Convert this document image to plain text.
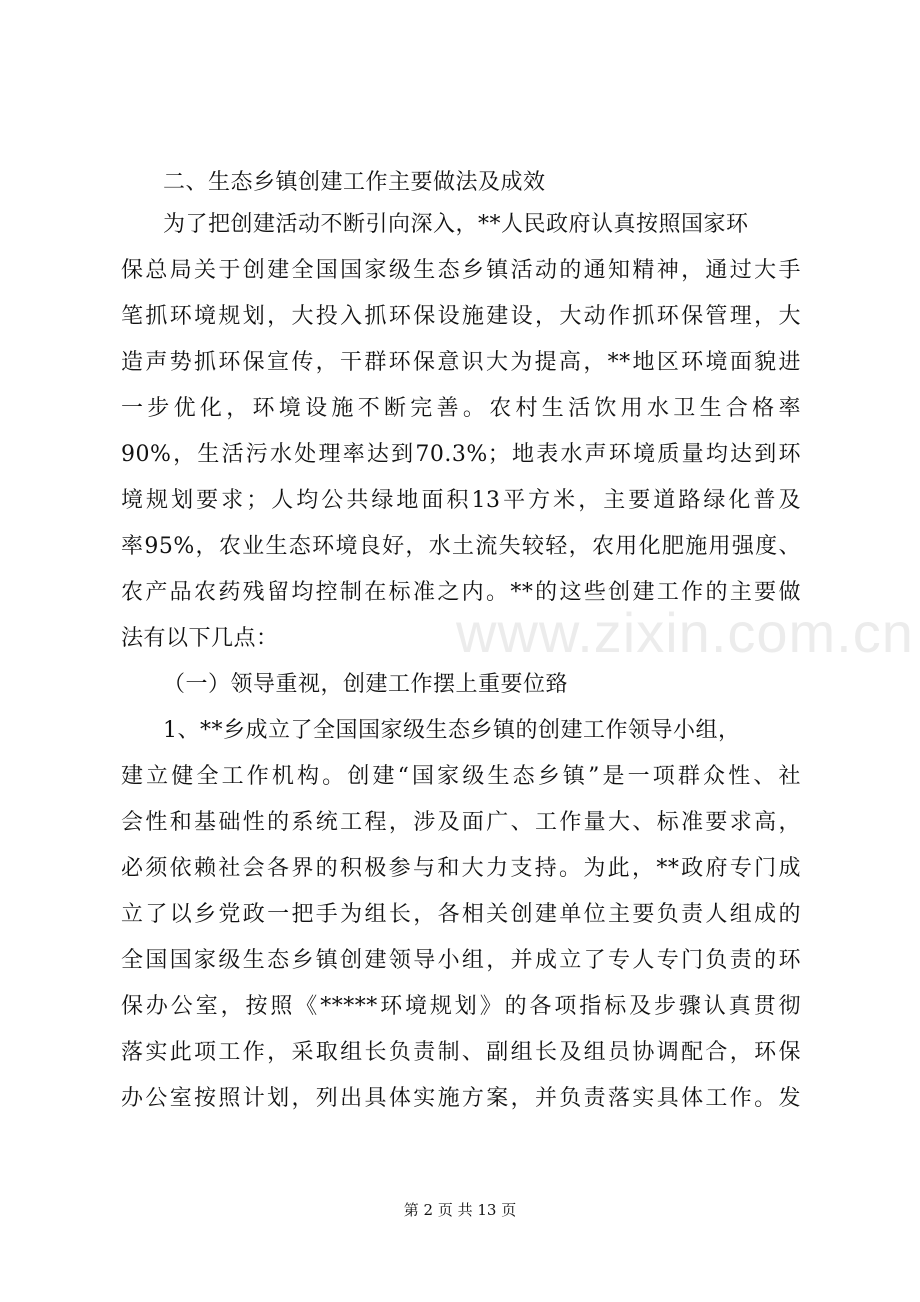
二、生态乡镇创建工作主要做法及成效
为了把创建活动不断引向深入，**人民政府认真按照国家环
保总局关于创建全国国家级生态乡镇活动的通知精神，通过大手
笔抓环境规划，大投入抓环保设施建设，大动作抓环保管理，大
造声势抓环保宣传，干群环保意识大为提高，**地区环境面貌进
一步优化，环境设施不断完善。农村生活饮用水卫生合格率
90%，生活污水处理率达到70.3%；地表水声环境质量均达到环
境规划要求；人均公共绿地面积13平方米，主要道路绿化普及
率95%，农业生态环境良好，水土流失较轻，农用化肥施用强度、
农产品农药残留均控制在标准之内。**的这些创建工作的主要做
法有以下几点：
（一）领导重视，创建工作摆上重要位臵
1、**乡成立了全国国家级生态乡镇的创建工作领导小组，
建立健全工作机构。创建“国家级生态乡镇”是一项群众性、社
会性和基础性的系统工程，涉及面广、工作量大、标准要求高，
必须依赖社会各界的积极参与和大力支持。为此，**政府专门成
立了以乡党政一把手为组长，各相关创建单位主要负责人组成的
全国国家级生态乡镇创建领导小组，并成立了专人专门负责的环
保办公室，按照《*****环境规划》的各项指标及步骤认真贯彻
落实此项工作，采取组长负责制、副组长及组员协调配合，环保
办公室按照计划，列出具体实施方案，并负责落实具体工作。发
www.zixin.com.cn
第 2 页 共 13 页
